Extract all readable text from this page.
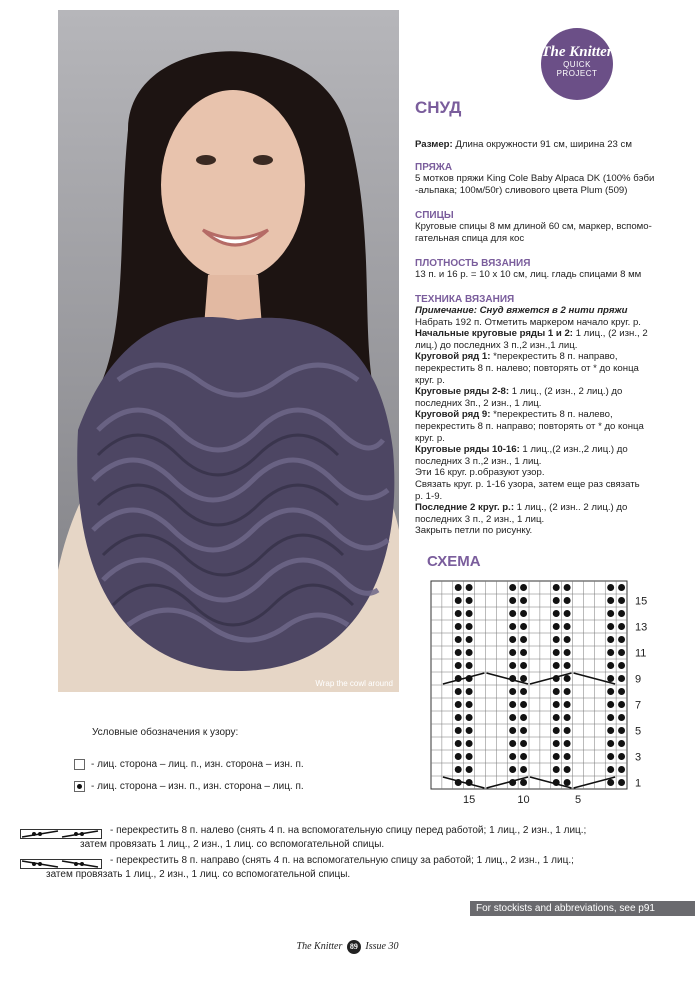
Wrap the cowl around
The Knitter
QUICK
PROJECT
СНУД
Размер: Длина окружности 91 см, ширина 23 см
ПРЯЖА
5 мотков пряжи King Cole Baby Alpaca DK (100% бэби
-альпака; 100м/50г) сливового цвета Plum (509)
СПИЦЫ
Круговые спицы 8 мм длиной 60 см, маркер, вспомо-
гательная спица для кос
ПЛОТНОСТЬ ВЯЗАНИЯ
13 п. и 16 р. = 10 х 10 см, лиц. гладь спицами 8 мм
ТЕХНИКА ВЯЗАНИЯ
Примечание: Снуд вяжется в 2 нити пряжи
Набрать 192 п. Отметить маркером начало круг. р.
Начальные круговые ряды 1 и 2: 1 лиц., (2 изн., 2
лиц.) до последних 3 п.,2 изн.,1 лиц.
Круговой ряд 1: *перекрестить 8 п. направо,
перекрестить 8 п. налево; повторять от * до конца
круг. р.
Круговые ряды 2-8: 1 лиц., (2 изн., 2 лиц.) до
последних 3п., 2 изн., 1 лиц.
Круговой ряд 9: *перекрестить 8 п. налево,
перекрестить 8 п. направо; повторять от * до конца
круг. р.
Круговые ряды 10-16: 1 лиц.,(2 изн.,2 лиц.) до
последних 3 п.,2 изн., 1 лиц.
Эти 16 круг. р.образуют узор.
Связать круг. р. 1-16 узора, затем еще раз связать
р. 1-9.
Последние 2 круг. р.: 1 лиц., (2 изн.. 2 лиц.) до
последних 3 п., 2 изн., 1 лиц.
Закрыть петли по рисунку.
СХЕМА
15
13
11
9
7
5
3
1
15	10	5
Условные обозначения к узору:
- лиц. сторона – лиц. п., изн. сторона – изн. п.
- лиц. сторона – изн. п., изн. сторона – лиц. п.
- перекрестить 8 п. налево (снять 4 п. на вспомогательную спицу перед работой; 1 лиц., 2 изн., 1 лиц.;
затем провязать 1 лиц., 2 изн., 1 лиц. со вспомогательной спицы.
- перекрестить 8 п. направо (снять 4 п. на вспомогательную спицу за работой; 1 лиц., 2 изн., 1 лиц.;
затем провязать 1 лиц., 2 изн., 1 лиц. со вспомогательной спицы.
For stockists and abbreviations, see p91
The Knitter 89 Issue 30
